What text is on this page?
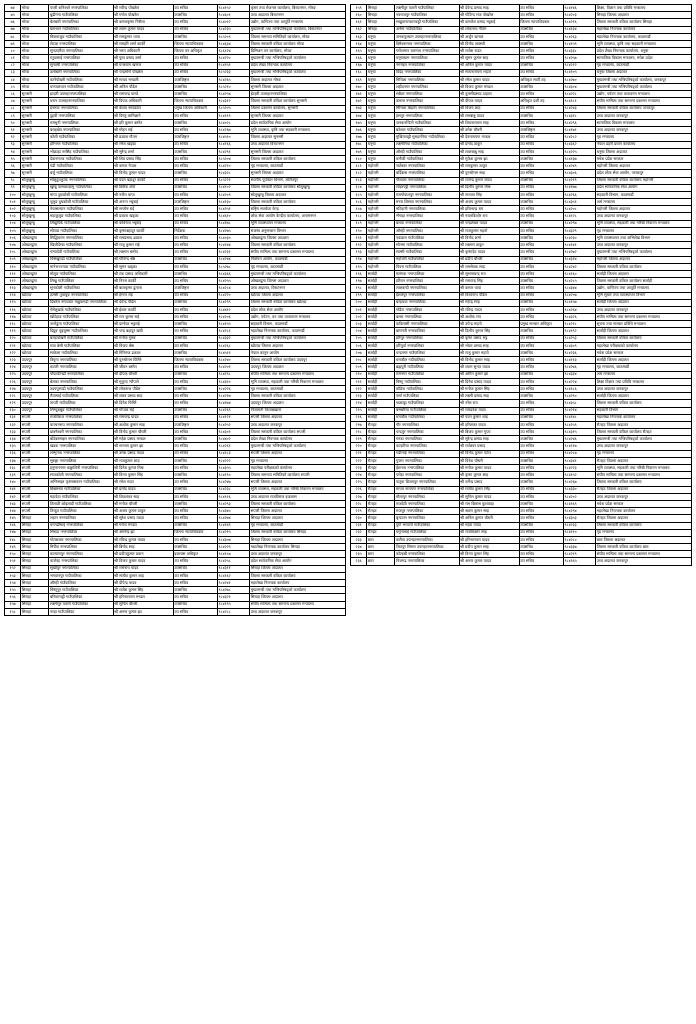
७४	मोरङ	पथरी शनिश्चरे नगरपालिका	श्री रवीन्द्र पोखरेल	उप सचिव	९८४१५२	कृष्ण तथा रोजगार कार्यालय, बिराटनगर, मोरङ
७५	मोरङ	बुढीगंगा गाउँपालिका	श्री गणेश पोखरेल	उपसचिव	९८४६०१	उच्च अदालत बिराटनगर
७६	मोरङ	बेलबारी नगरपालिका	श्री कमलकृष्ण निरौला	उप सचिव	९८४०१२	उद्योग, वाणिज्य तथा आपूर्ति मन्त्रालय
७७	मोरङ	ग्रामथान गाउँपालिका	श्री श्याम कुमार यादव	उप सचिव	९८४२३५	मुख्यमन्त्री तथा मन्त्रिपरिषद्को कार्यालय, बिराटनगर
७८	मोरङ	मिक्लाजुङ गाउँपालिका	श्री रामकुमार थापा	उपसचिव	९८५२०९	जिल्ला समन्वय समितिको कार्यालय, मोरङ
७९	मोरङ	लेटाङ नगरपालिका	श्री रामहरि शर्मा कार्की	जिल्ला न्यायाधिवक्ता	९८४६३४	जिल्ला सरकारी वकिल कार्यालय मोरङ
८०	मोरङ	सुन्दरहरैंचा नगरपालिका	श्री भरत अधिकारी	जिल्ला वन अधिकृत	९८६१२४	डिभिजन वन कार्यालय, मोरङ
८१	मोरङ	रतुवामाई नगरपालिका	श्री पुष्प प्रसाद शर्मा	उप सचिव	९८४२२०	मुख्यमन्त्री तथा मन्त्रिपरिषद्को कार्यालय
८२	मोरङ	सुनवर्षी नगरपालिका	श्री घनश्याम खनाल	उप सचिव	९८४१५१	प्रदेश लेखा नियन्त्रक कार्यालय
८३	मोरङ	उर्लाबारी नगरपालिका	श्री चन्द्रमणि पोखरेल	उप सचिव	९८५२३३	मुख्यमन्त्री तथा मन्त्रिपरिषद्को कार्यालय
८४	मोरङ	कानेपोखरी गाउँपालिका	श्री माधव भण्डारी	उपरजिष्ट्रार	९८४२६५	जिल्ला अदालत मोरङ
८५	मोरङ	धनपालथान गाउँपालिका	श्री अनिल पौडेल	उपसचिव	९८५२१०	सुनसरी जिल्ला अदालत
८६	सुनसरी	इटहरी उपमहानगरपालिका	श्री रामचन्द्र पाण्डे	उपसचिव	९८४२५४	ईटहरी उपमहानगरपालिका
८७	सुनसरी	धरान उपमहानगरपालिका	श्री दिपक अधिकारी	जिल्ला न्यायाधिवक्ता	९८४३१२	जिल्ला सरकारी वकिल कार्यालय सुनसरी
८८	सुनसरी	इनरुवा नगरपालिका	श्री केशव सापकोटा	प्रमुख जिल्ला अधिकारी	९८५२०५	जिल्ला प्रशासन कार्यालय, सुनसरी
८९	सुनसरी	दुहवी नगरपालिका	श्री विष्णु लामिछाने	उप सचिव	९८४११९	सुनसरी जिल्ला अदालत
९०	सुनसरी	रामधुनी नगरपालिका	श्री हरि कुमार बस्नेत	उपसचिव	९८४०२८	प्रदेश सार्वजनिक सेवा आयोग
९१	सुनसरी	बराहक्षेत्र नगरपालिका	श्री मोहन राई	उप सचिव	९८४२६७	भूमि व्यवस्था, कृषि तथा सहकारी मन्त्रालय
९२	सुनसरी	कोशी गाउँपालिका	श्री प्रकाश गौतम	उपरजिष्ट्रार	९८४५१०	जिल्ला अदालत सुनसरी
९३	सुनसरी	हरिनगर गाउँपालिका	श्री रमेश खड्का	उप सचिव	९८४१६६	उच्च अदालत विराटनगर
९४	सुनसरी	भोक्राहा नरसिंह गाउँपालिका	श्री सुरेन्द्र शर्मा	उपसचिव	९८४२९१	सुनसरी जिल्ला अदालत
९५	सुनसरी	देवानगञ्ज गाउँपालिका	श्री शिव प्रसाद सिंह	उप सचिव	९८५२०४	जिल्ला सरकारी वकिल कार्यालय
९६	सुनसरी	गढी गाउँपालिका	श्री कमल नेपाल	उप सचिव	९८४२१०	गृह मन्त्रालय, काठमाडौं
९७	सुनसरी	बर्जु गाउँपालिका	श्री विनोद कुमार यादव	उपसचिव	९८४३२८	सुनसरी जिल्ला अदालत
९८	सोलुखुम्बु	सोलुदुधकुण्ड नगरपालिका	श्री पदम बहादुर कार्की	उप सचिव	९८५२२१	स्थानीय पूर्वाधार विभाग, ललितपुर
९९	सोलुखुम्बु	खुम्बु पासाङल्हामु गाउँपालिका	श्री छिरिङ शेर्पा	उपसचिव	९८४१०२	जिल्ला सरकारी वकिल कार्यालय सोलुखुम्बु
१००	सोलुखुम्बु	माप्य दुधकोशी गाउँपालिका	श्री नवीन थापा	उप सचिव	९८४२०९	सोलुखुम्बु जिल्ला अदालत
१०१	सोलुखुम्बु	थुलुङ दुधकोशी गाउँपालिका	श्री अनन्त भट्टराई	उपरजिष्ट्रार	९८४१३०	जिल्ला सरकारी वकिल कार्यालय
१०२	सोलुखुम्बु	नेचासल्यान गाउँपालिका	श्री सन्तोष राई	उप सचिव	९८४२५१	राष्ट्रिय सतर्कता केन्द्र
१०३	सोलुखुम्बु	महाकुलुङ गाउँपालिका	श्री प्रकाश खड्का	उप सचिव	९८४६१०	लोक सेवा आयोग केन्द्रीय कार्यालय, अनामनगर
१०४	सोलुखुम्बु	लिखुपिके गाउँपालिका	श्री कविराज भट्टराई	उप सचिव	९८४१७८	भूमि व्यवस्थापन मन्त्रालय
१०५	सोलुखुम्बु	सोताङ गाउँपालिका	श्री कृष्णबहादुर कार्की	निर्देशक	९८४२७५	राजस्व अनुसन्धान विभाग
१०६	ओखलढुंगा	सिद्धिचरण नगरपालिका	श्री रामप्रसाद ढकाल	उप सचिव	९८४०३०	ओखलढुंगा जिल्ला अदालत
१०७	ओखलढुंगा	खिजीदेम्बा गाउँपालिका	श्री राजु कुमार राई	उप सचिव	९८४१४४	जिल्ला सरकारी वकिल कार्यालय
१०८	ओखलढुंगा	चम्पादेवी गाउँपालिका	श्री लक्ष्मण बस्नेत	उप सचिव	९८४२३१	संघीय मामिला तथा सामान्य प्रशासन मन्त्रालय
१०९	ओखलढुंगा	चिसंखुगढी गाउँपालिका	श्री गोविन्द श्रेष्ठ	उपसचिव	९८४२४४	निर्वाचन आयोग, काठमाडौं
११०	ओखलढुंगा	मानेभञ्ज्याङ गाउँपालिका	श्री सुमन खड्का	उप सचिव	९८५२७८	गृह मन्त्रालय, काठमाडौं
१११	ओखलढुंगा	मोलुङ गाउँपालिका	श्री टंक प्रसाद अधिकारी	उपसचिव	९८४३६६	मुख्यमन्त्री तथा मन्त्रिपरिषद्को कार्यालय
११२	ओखलढुंगा	लिखु गाउँपालिका	श्री निरज कार्की	उप सचिव	९८४२५५	ओखलढुंगा जिल्ला अदालत
११३	ओखलढुंगा	सुनकोशी गाउँपालिका	श्री बालकृष्ण ढुंगाना	उपरजिष्ट्रार	९८४२८४	उच्च अदालत, विराटनगर
११४	खोटाङ	हलेसी तुवाचुङ नगरपालिका	श्री हेमन्त राई	उप सचिव	९८४२२०	खोटाङ जिल्ला अदालत
११५	खोटाङ	दिक्तेल रूपाकोट मझुवागढी नगरपालिका	श्री देवेन्द्र पौडेल	उपसचिव	९८४२९९	जिल्ला सरकारी वकिल कार्यालय खोटाङ
११६	खोटाङ	ऐसेलुखर्क गाउँपालिका	श्री ईश्वर कार्की	उप सचिव	९८४४१२	प्रदेश लोक सेवा आयोग
११७	खोटाङ	खोटेहाङ गाउँपालिका	श्री रत्न कुमार राई	उप सचिव	९८४२०६	उद्योग, पर्यटन, वन तथा वातावरण मन्त्रालय
११८	खोटाङ	जन्तेढुंगा गाउँपालिका	श्री दामोदर भट्टराई	उपसचिव	९८४१५५	सहकारी विभाग, काठमाडौं
११९	खोटाङ	दिप्रुङ चुइचुम्मा गाउँपालिका	श्री चन्द्र बहादुर खत्री	उप सचिव	९८४२८१	महालेखा नियन्त्रक कार्यालय, काठमाडौं
१२०	खोटाङ	बराहपोखरी गाउँपालिका	श्री मनोज गुरुङ	उपसचिव	९८४३३२	मुख्यमन्त्री तथा मन्त्रिपरिषद्को कार्यालय
१२१	खोटाङ	रावा बेसी गाउँपालिका	श्री विजय श्रेष्ठ	उप सचिव	९८४२६८	खोटाङ जिल्ला अदालत
१२२	खोटाङ	साकेला गाउँपालिका	श्री गिरिराज ढकाल	उपसचिव	९८४५११	नेपाल कानुन आयोग
१२३	उदयपुर	त्रियुगा नगरपालिका	श्री पुरुषोत्तम घिमिरे	जिल्ला न्यायाधिवक्ता	९८४२४०	जिल्ला सरकारी वकिल कार्यालय उदयपुर
१२४	उदयपुर	कटारी नगरपालिका	श्री जीवन बस्नेत	उप सचिव	९८४२०१	उदयपुर जिल्ला अदालत
१२५	उदयपुर	चौदण्डीगढी नगरपालिका	श्री दीपक चौधरी	उपसचिव	९८४१९८	संघीय मामिला तथा सामान्य प्रशासन मन्त्रालय
१२६	उदयपुर	बेलका नगरपालिका	श्री मुकुन्द न्यौपाने	उप सचिव	९८४३१०	भूमि व्यवस्था, सहकारी तथा गरिबी निवारण मन्त्रालय
१२७	उदयपुर	उदयपुरगढी गाउँपालिका	श्री लोकराज पौडेल	उपसचिव	९८४२२६	गृह मन्त्रालय, काठमाडौं
१२८	उदयपुर	रौतामाई गाउँपालिका	श्री शंकर प्रसाद साह	उप सचिव	९८४२१७	जिल्ला सरकारी वकिल कार्यालय
१२९	उदयपुर	ताप्ली गाउँपालिका	श्री दिनेश घिमिरे	उप सचिव	९८४१७४	उदयपुर जिल्ला अदालत
१३०	उदयपुर	लिम्चुङबुङ गाउँपालिका	श्री गोपाल राई	उपसचिव	९८४२६९	निजामती किताबखाना
१३१	सप्तरी	राजविराज नगरपालिका	श्री रामचन्द्र यादव	उप सचिव	९८४१२१	सप्तरी जिल्ला अदालत
१३२	सप्तरी	कञ्चनरूप नगरपालिका	श्री अशोक कुमार साह	उपरजिष्ट्रार	९८४२५२	उच्च अदालत जनकपुर
१३३	सप्तरी	डाक्नेश्वरी नगरपालिका	श्री विनोद कुमार चौधरी	उप सचिव	९८४३०१	जिल्ला सरकारी वकिल कार्यालय सप्तरी
१३४	सप्तरी	बोदेबरसाइन नगरपालिका	श्री महेश प्रसाद मण्डल	उपसचिव	९८४४०२	प्रदेश लेखा नियन्त्रक कार्यालय
१३५	सप्तरी	खडक नगरपालिका	श्री सञ्जय कुमार झा	उप सचिव	९८४२६१	मुख्यमन्त्री तथा मन्त्रिपरिषद्को कार्यालय
१३६	सप्तरी	शम्भुनाथ नगरपालिका	श्री उमेश प्रसाद यादव	उप सचिव	९८४१८३	सप्तरी जिल्ला अदालत
१३७	सप्तरी	सुरुङ्गा नगरपालिका	श्री राजकुमार शाह	उपसचिव	९८४२२२	गृह मन्त्रालय
१३८	सप्तरी	हनुमाननगर कङ्कालिनी नगरपालिका	श्री दिनेश कुमार मिश्र	उप सचिव	९८४३५५	महालेखा परीक्षकको कार्यालय
१३९	सप्तरी	सप्तकोशी नगरपालिका	श्री विनय कुमार सिंह	उपसचिव	९८४१९०	जिल्ला समन्वय समितिको कार्यालय सप्तरी
१४०	सप्तरी	अग्निसाइर कृष्णासवरन गाउँपालिका	श्री रमेश राउत	उप सचिव	९८४२४७	सप्तरी जिल्ला अदालत
१४१	सप्तरी	छिन्नमस्ता गाउँपालिका	श्री प्रमोद यादव	उपसचिव	९८४२३८	भूमि व्यवस्था, सहकारी तथा गरिबी निवारण मन्त्रालय
१४२	सप्तरी	महादेवा गाउँपालिका	श्री शिवशंकर साह	उप सचिव	९८४११६	उच्च अदालत राजविराज इजलास
१४३	सप्तरी	तिलाठी कोइलाडी गाउँपालिका	श्री मनोज चौधरी	उपसचिव	९८४२९३	जिल्ला सरकारी वकिल कार्यालय
१४४	सप्तरी	तिरहुत गाउँपालिका	श्री अजय कुमार ठाकुर	उप सचिव	९८४३४०	सप्तरी जिल्ला अदालत
१४५	सिराहा	लहान नगरपालिका	श्री सुरेश प्रसाद यादव	उप सचिव	९८४२७४	सिराहा जिल्ला अदालत
१४६	सिराहा	धनगढीमाई नगरपालिका	श्री गणेश मण्डल	उपसचिव	९८४१४९	गृह मन्त्रालय, काठमाडौं
१४७	सिराहा	सिराहा नगरपालिका	श्री अमरेन्द्र झा	जिल्ला न्यायाधिवक्ता	९८४२१५	जिल्ला सरकारी वकिल कार्यालय सिराहा
१४८	सिराहा	गोलबजार नगरपालिका	श्री रविन्द्र कुमार यादव	उप सचिव	९८४३०७	सिराहा जिल्ला अदालत
१४९	सिराहा	मिर्चैया नगरपालिका	श्री बिनोद साह	उपसचिव	९८४२२९	महालेखा नियन्त्रक कार्यालय सिराहा
१५०	सिराहा	कल्याणपुर नगरपालिका	श्री प्रदीपकुमार प्रधान	इजलास अधिकृत	९८४१८७	उच्च अदालत जनकपुर
१५१	सिराहा	कर्जन्हा नगरपालिका	श्री विजय कुमार यादव	उप सचिव	९८४२५८	प्रदेश सार्वजनिक सेवा आयोग
१५२	सिराहा	सुखीपुर नगरपालिका	श्री रामनाथ यादव	उपसचिव	९८४३११	सिराहा जिल्ला अदालत
१५३	सिराहा	भगवानपुर गाउँपालिका	श्री संजीव कुमार शाह	उप सचिव	९८४१६२	जिल्ला सरकारी वकिल कार्यालय
१५४	सिराहा	औरही गाउँपालिका	श्री दीपेन्द्र यादव	उप सचिव	९८४२४१	महालेखा नियन्त्रक कार्यालय
१५५	सिराहा	विष्णुपुर गाउँपालिका	श्री राजेश कुमार सिंह	उपसचिव	९८४२७८	मुख्यमन्त्री तथा मन्त्रिपरिषद्को कार्यालय
१५६	सिराहा	बरियारपट्टी गाउँपालिका	श्री हरिनारायण मण्डल	उप सचिव	९८४३२१	सिराहा जिल्ला अदालत
१५७	सिराहा	लक्ष्मीपुर पतारी गाउँपालिका	श्री सुनिल चौधरी	उपसचिव	९८४१९५	संघीय मामिला तथा सामान्य प्रशासन मन्त्रालय
१५८	सिराहा	नरहा गाउँपालिका	श्री अरुण कुमार झा	उप सचिव	९८४२८८	उच्च अदालत जनकपुर
१५९	सिराहा	लक्ष्मीपुर पतारी गाउँपालिका	श्री देवेन्द्र प्रसाद साह	उप सचिव	९८४१४६	शिक्षा, विज्ञान तथा प्रविधि मन्त्रालय
१६०	सिराहा	नवराजपुर गाउँपालिका	श्री गोविन्द राज पोखरेल	उप सचिव	९८४२०३	सिराहा जिल्ला अदालत
१६१	सिराहा	सखुवानान्कारकट्टी गाउँपालिका	श्री कमलेश प्रसाद भट्टराई	जिल्ला न्यायाधिवक्ता	९८४२१६	जिल्ला सरकारी वकिल कार्यालय सिराहा
१६२	सिराहा	अर्नमा गाउँपालिका	श्री लोकनाथ गौतम	उपसचिव	९८४१३४	महालेखा नियन्त्रक कार्यालय
१६३	धनुषा	जनकपुरधाम उपमहानगरपालिका	श्री अर्जुन खनाल	उप सचिव	९८४२६३	महालेखा नियन्त्रक कार्यालय, काठमाडौं
१६४	धनुषा	क्षिरेश्वरनाथ नगरपालिका	श्री विनोद अवस्थी	उपसचिव	९८४१५९	भूमि व्यवस्था, कृषि तथा सहकारी मन्त्रालय
१६५	धनुषा	गणेशमान चारनाथ नगरपालिका	श्री राजेश राउत	उप सचिव	९८४३३८	प्रदेश लेखा नियन्त्रक कार्यालय, धनुषा
१६६	धनुषा	धनुषाधाम नगरपालिका	श्री सुमन कुमार साह	उप सचिव	९८४२५७	सामाजिक विकास मन्त्रालय, मधेश प्रदेश
१६७	धनुषा	नगराइन नगरपालिका	श्री अनिल कुमार यादव	उपसचिव	९८४२१२	गृह मन्त्रालय, काठमाडौं
१६८	धनुषा	विदेह नगरपालिका	श्री सत्यनारायण महतो	उप सचिव	९८४१०५	धनुषा जिल्ला अदालत
१६९	धनुषा	मिथिला नगरपालिका	श्री रमेश कुमार यादव	अधिकृत सातौं तह	९८४२७०	मुख्यमन्त्री तथा मन्त्रिपरिषद्को कार्यालय, जनकपुर
१७०	धनुषा	शहीदनगर नगरपालिका	श्री विजय कुमार मण्डल	उपसचिव	९८४३०४	मुख्यमन्त्री तथा मन्त्रिपरिषद्को कार्यालय
१७१	धनुषा	सबैला नगरपालिका	श्री तुलसीप्रसाद दाहाल	उप सचिव	९८४२२८	उद्योग, पर्यटन तथा वातावरण मन्त्रालय
१७२	धनुषा	कमला नगरपालिका	श्री दीपक यादव	अधिकृत दशौं तह	९८४१८१	संघीय मामिला तथा सामान्य प्रशासन मन्त्रालय
१७३	धनुषा	मिथिला बिहारी नगरपालिका	श्री विजय शाह	उप सचिव	९८४२४३	जिल्ला सरकारी वकिल कार्यालय जनकपुर
१७४	धनुषा	हंसपुर नगरपालिका	श्री रामबाबु यादव	उपसचिव	९८४३१८	उच्च अदालत जनकपुर
१७५	धनुषा	जनकनन्दिनी गाउँपालिका	श्री शिवनारायण साह	उप सचिव	९८४२९६	सामाजिक विकास मन्त्रालय
१७६	धनुषा	बटेश्वर गाउँपालिका	श्री उमेश चौधरी	उपरजिष्ट्रार	९८४१७१	उच्च अदालत जनकपुर
१७७	धनुषा	मुखियापट्टी मुसहरनिया गाउँपालिका	श्री देवनारायण मण्डल	उप सचिव	९८४२८२	गृह मन्त्रालय
१७८	धनुषा	लक्ष्मीनिया गाउँपालिका	श्री प्रमोद ठाकुर	उप सचिव	९८४३६२	नेपाल प्रहरी प्रधान कार्यालय
१७९	धनुषा	औरही गाउँपालिका	श्री लालबाबु साह	उप सचिव	९८४२२५	धनुषा जिल्ला अदालत
१८०	धनुषा	धनौजी गाउँपालिका	श्री मुकेश कुमार झा	उपसचिव	९८४१३७	मधेश प्रदेश सरकार
१८१	महोत्तरी	जलेश्वर नगरपालिका	श्री रामकुमार ठाकुर	उप सचिव	९८४२४९	महोत्तरी जिल्ला अदालत
१८२	महोत्तरी	बर्दिबास नगरपालिका	श्री पुरुषोत्तम साह	उप सचिव	९८४३०६	प्रदेश लोक सेवा आयोग, जनकपुर
१८३	महोत्तरी	गौशाला नगरपालिका	श्री राजेन्द्र कुमार यादव	उपसचिव	९८४२१९	जिल्ला सरकारी वकिल कार्यालय महोत्तरी
१८४	महोत्तरी	लोहरपट्टी नगरपालिका	श्री दिलीप कुमार मिश्र	उप सचिव	९८४१७७	प्रदेश सार्वजनिक सेवा आयोग
१८५	महोत्तरी	रामगोपालपुर नगरपालिका	श्री सञ्जय सिंह	उप सचिव	९८४२६६	सहकारी विभाग, काठमाडौं
१८६	महोत्तरी	मनरा शिसवा नगरपालिका	श्री अजय कुमार यादव	उपसचिव	९८४३५१	अर्थ मन्त्रालय
१८७	महोत्तरी	मटिहानी नगरपालिका	श्री हरिश्चन्द्र राय	उप सचिव	९८४२०८	महोत्तरी जिल्ला अदालत
१८८	महोत्तरी	भँगाहा नगरपालिका	श्री नवलकिशोर राय	उप सचिव	९८४१२८	उच्च अदालत जनकपुर
१८९	महोत्तरी	बलवा नगरपालिका	श्री चन्द्रशेखर यादव	उपसचिव	९८४२९७	भूमि व्यवस्था, सहकारी तथा गरिबी निवारण मन्त्रालय
१९०	महोत्तरी	औरही नगरपालिका	श्री राजकुमार महतो	उप सचिव	९८४३२९	गृह मन्त्रालय
१९१	महोत्तरी	एकडारा गाउँपालिका	श्री विनोद शर्मा	उपसचिव	९८४२३०	भूमि व्यवस्थापन तथा अभिलेख विभाग
१९२	महोत्तरी	सोनमा गाउँपालिका	श्री लक्ष्मण ठाकुर	उप सचिव	९८४१४१	उच्च अदालत जनकपुर
१९३	महोत्तरी	साम्सी गाउँपालिका	श्री कृष्णदेव यादव	उप सचिव	९८४२७२	मुख्यमन्त्री तथा मन्त्रिपरिषद्को कार्यालय
१९४	महोत्तरी	महोत्तरी गाउँपालिका	श्री प्रदीप चौधरी	उपसचिव	९८४३१४	महोत्तरी जिल्ला अदालत
१९५	महोत्तरी	पिपरा गाउँपालिका	श्री रामसेवक साह	उप सचिव	९८४२४२	जिल्ला सरकारी वकिल कार्यालय
१९६	सर्लाही	मलंगवा नगरपालिका	श्री सुभाषचन्द्र राय	उप सचिव	९८४१६०	सर्लाही जिल्ला अदालत
१९७	सर्लाही	हरिवन नगरपालिका	श्री रामचन्द्र सिंह	उपसचिव	९८४२८५	जिल्ला सरकारी वकिल कार्यालय सर्लाही
१९८	सर्लाही	लालबन्दी नगरपालिका	श्री कमल थापा	उप सचिव	९८४३४४	उद्योग, वाणिज्य तथा आपूर्ति मन्त्रालय
१९९	सर्लाही	ईश्वरपुर नगरपालिका	श्री विश्वनाथ पौडेल	उप सचिव	९८४२०७	भूमि सुधार तथा व्यवस्थापन विभाग
२००	सर्लाही	बरहथवा नगरपालिका	श्री महेन्द्र साह	उपसचिव	९८४१५७	सर्लाही जिल्ला अदालत
२०१	सर्लाही	गोडैटा नगरपालिका	श्री रविन्द्र यादव	उप सचिव	९८४२६४	उच्च अदालत जनकपुर
२०२	सर्लाही	बलरा नगरपालिका	श्री अशोक राय	उप सचिव	९८४३२६	संघीय मामिला तथा सामान्य प्रशासन मन्त्रालय
२०३	सर्लाही	कविलासी नगरपालिका	श्री उपेन्द्र महतो	प्रमुख सञ्चार अधिकृत	९८४२१८	सूचना तथा सञ्चार प्रविधि मन्त्रालय
२०४	सर्लाही	बागमती नगरपालिका	श्री दिलीप कुमार सिंह	उपसचिव	९८४१९२	सर्लाही जिल्ला अदालत
२०५	सर्लाही	हरिपुर नगरपालिका	श्री कृष्ण प्रसाद भट्ट	उप सचिव	९८४२५३	जिल्ला सरकारी वकिल कार्यालय
२०६	सर्लाही	हरिपुर्वा नगरपालिका	श्री भोला प्रसाद साह	उप सचिव	९८४३०९	महालेखा परीक्षकको कार्यालय
२०७	सर्लाही	चन्द्रनगर गाउँपालिका	श्री राजु कुमार महतो	उपसचिव	९८४२३६	मधेश प्रदेश सरकार
२०८	सर्लाही	धनकौल गाउँपालिका	श्री विनोद कुमार साह	उप सचिव	९८४११३	सर्लाही जिल्ला अदालत
२०९	सर्लाही	ब्रह्मपुरी गाउँपालिका	श्री श्याम सुन्दर यादव	उप सचिव	९८४२७६	गृह मन्त्रालय, काठमाडौं
२१०	सर्लाही	रामनगर गाउँपालिका	श्री अमित कुमार झा	उपसचिव	९८४३३४	अर्थ मन्त्रालय
२११	सर्लाही	विष्णु गाउँपालिका	श्री दिनेश प्रसाद यादव	उप सचिव	९८४२२४	शिक्षा विज्ञान तथा प्रविधि मन्त्रालय
२१२	सर्लाही	कौडेना गाउँपालिका	श्री मनोज कुमार सिंह	उप सचिव	९८४१८६	उच्च अदालत जनकपुर
२१३	सर्लाही	पर्सा गाउँपालिका	श्री लक्ष्मी प्रसाद साह	उपसचिव	९८४२९०	सर्लाही जिल्ला अदालत
२१४	सर्लाही	चक्रघट्टा गाउँपालिका	श्री नरेश राय	उप सचिव	९८४३५८	जिल्ला सरकारी वकिल कार्यालय
२१५	सर्लाही	बसबरिया गाउँपालिका	श्री रामप्रवेश यादव	उप सचिव	९८४२१४	सहकारी विभाग
२१६	सर्लाही	धनकौल गाउँपालिका	श्री पवन कुमार शाह	उपसचिव	९८४१४८	महालेखा नियन्त्रक कार्यालय
२१७	रौतहट	गौर नगरपालिका	श्री हरिशंकर यादव	उप सचिव	९८४२५९	रौतहट जिल्ला अदालत
२१८	रौतहट	चन्द्रपुर नगरपालिका	श्री बिजय कुमार गुप्ता	उप सचिव	९८४३१५	जिल्ला सरकारी वकिल कार्यालय रौतहट
२१९	रौतहट	गरुडा नगरपालिका	श्री सुरेन्द्र प्रसाद साह	उपसचिव	९८४२४६	मुख्यमन्त्री तथा मन्त्रिपरिषद्को कार्यालय
२२०	रौतहट	कटहरिया नगरपालिका	श्री राजेश्वर प्रसाद	उप सचिव	९८४११७	उच्च अदालत जनकपुर
२२१	रौतहट	गढीमाई नगरपालिका	श्री विनोद कुमार पटेल	उप सचिव	९८४२८७	गृह मन्त्रालय
२२२	रौतहट	गुजरा नगरपालिका	श्री दिनेश चौधरी	उपसचिव	९८४३४१	रौतहट जिल्ला अदालत
२२३	रौतहट	ईशनाथ नगरपालिका	श्री मनोज कुमार यादव	उप सचिव	९८४२२३	भूमि व्यवस्था, सहकारी तथा गरिबी निवारण मन्त्रालय
२२४	रौतहट	परोहा नगरपालिका	श्री कृष्ण कुमार साह	उप सचिव	९८४१५२	संघीय मामिला तथा सामान्य प्रशासन मन्त्रालय
२२५	रौतहट	फतुवा बिजयपुर नगरपालिका	श्री धर्मेन्द्र प्रसाद	उपसचिव	९८४२६७	जिल्ला सरकारी वकिल कार्यालय
२२६	रौतहट	माधव नारायण नगरपालिका	श्री राजीव कुमार सिंह	उप सचिव	९८४३३०	रौतहट जिल्ला अदालत
२२७	रौतहट	मौलापुर नगरपालिका	श्री सुनिल कुमार यादव	उप सचिव	९८४२०२	उच्च अदालत जनकपुर
२२८	रौतहट	राजदेवी नगरपालिका	श्री राम बिलास कुशवाहा	उपसचिव	९८४१६९	मधेश प्रदेश सरकार
२२९	रौतहट	राजपुर नगरपालिका	श्री श्रवण कुमार साह	उप सचिव	९८४२९४	महालेखा नियन्त्रक कार्यालय
२३०	रौतहट	बृन्दावन नगरपालिका	श्री अनिल कुमार चौधरी	उप सचिव	९८४३५३	रौतहट जिल्ला अदालत
२३१	रौतहट	दुर्गा भगवती गाउँपालिका	श्री महेश यादव	उपसचिव	९८४२३३	जिल्ला सरकारी वकिल कार्यालय
२३२	रौतहट	यमुनामाई गाउँपालिका	श्री राजकिशोर साह	उप सचिव	९८४११०	गृह मन्त्रालय
२३३	बारा	कलैया उपमहानगरपालिका	श्री हरिनारायण यादव	उप सचिव	९८४२८०	बारा जिल्ला अदालत
२३४	बारा	जितपुर सिमरा उपमहानगरपालिका	श्री प्रदीप कुमार साह	उपसचिव	९८४३३७	जिल्ला सरकारी वकिल कार्यालय बारा
२३५	बारा	कोल्हबी नगरपालिका	श्री विनय कुमार सिंह	उप सचिव	९८४२१९	संघीय मामिला तथा सामान्य प्रशासन मन्त्रालय
२३६	बारा	निजगढ नगरपालिका	श्री अरुण कुमार यादव	उप सचिव	९८४१६५	उच्च अदालत जनकपुर
